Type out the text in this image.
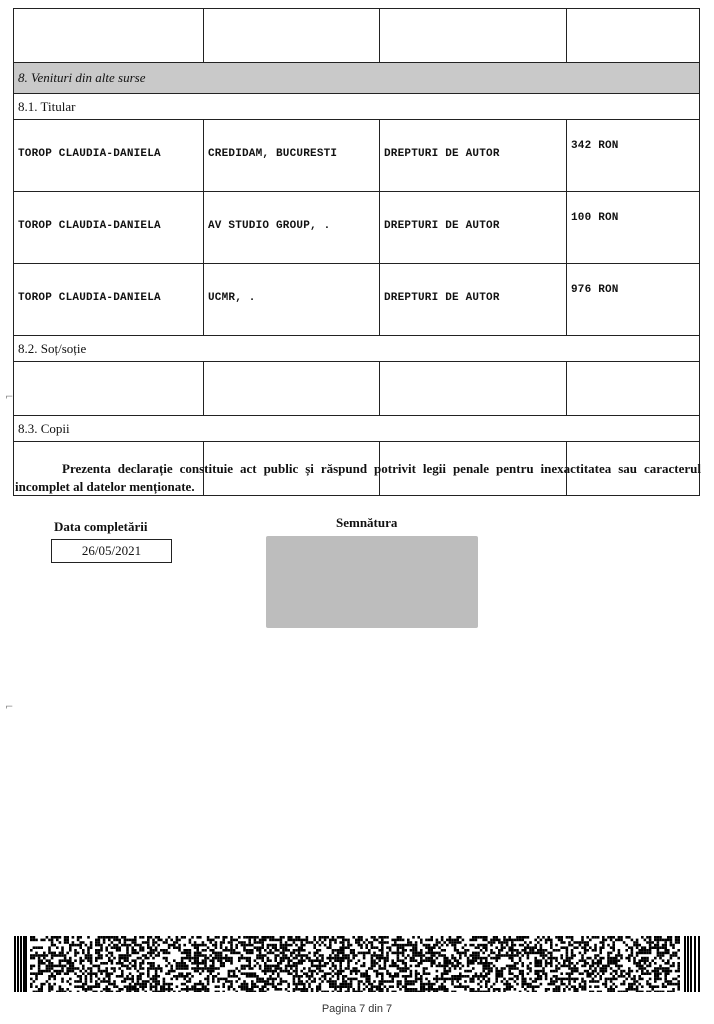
8. Venituri din alte surse			
8.1. Titular			
TOROP CLAUDIA-DANIELA	CREDIDAM, BUCURESTI	DREPTURI DE AUTOR	342 RON
TOROP CLAUDIA-DANIELA	AV STUDIO GROUP, .	DREPTURI DE AUTOR	100 RON
TOROP CLAUDIA-DANIELA	UCMR, .	DREPTURI DE AUTOR	976 RON
8.2. Soț/soție			

8.3. Copii			

⌐
⌐
Prezenta declarație constituie act public și răspund potrivit legii penale pentru inexactitatea sau caracterul incomplet al datelor menționate.
Data completării
26/05/2021
Semnătura
Pagina 7 din 7
